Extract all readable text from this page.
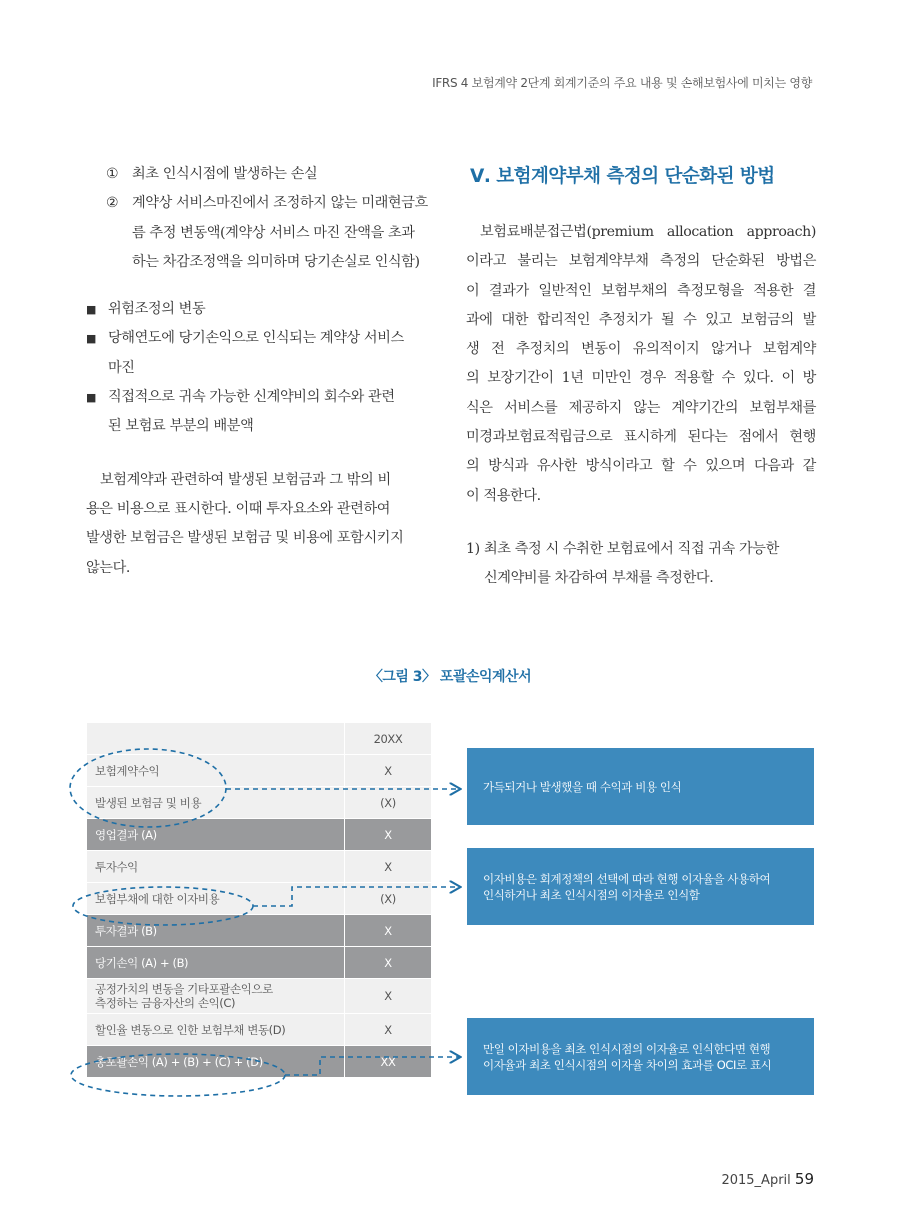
IFRS 4 보험계약 2단계 회계기준의 주요 내용 및 손해보험사에 미치는 영향
① 최초 인식시점에 발생하는 손실
② 계약상 서비스마진에서 조정하지 않는 미래현금흐
름 추정 변동액(계약상 서비스 마진 잔액을 초과
하는 차감조정액을 의미하며 당기손실로 인식함)
■ 위험조정의 변동
■ 당해연도에 당기손익으로 인식되는 계약상 서비스
마진
■ 직접적으로 귀속 가능한 신계약비의 회수와 관련
된 보험료 부분의 배분액
보험계약과 관련하여 발생된 보험금과 그 밖의 비
용은 비용으로 표시한다. 이때 투자요소와 관련하여
발생한 보험금은 발생된 보험금 및 비용에 포함시키지
않는다.
Ⅴ. 보험계약부채 측정의 단순화된 방법
보험료배분접근법(premium allocation approach)
이라고 불리는 보험계약부채 측정의 단순화된 방법은
이 결과가 일반적인 보험부채의 측정모형을 적용한 결
과에 대한 합리적인 추정치가 될 수 있고 보험금의 발
생 전 추정치의 변동이 유의적이지 않거나 보험계약
의 보장기간이 1년 미만인 경우 적용할 수 있다. 이 방
식은 서비스를 제공하지 않는 계약기간의 보험부채를
미경과보험료적립금으로 표시하게 된다는 점에서 현행
의 방식과 유사한 방식이라고 할 수 있으며 다음과 같
이 적용한다.
1) 최초 측정 시 수취한 보험료에서 직접 귀속 가능한
신계약비를 차감하여 부채를 측정한다.
〈그림 3〉 포괄손익계산서
	20XX
보험계약수익	X
발생된 보험금 및 비용	(X)
영업결과 (A)	X
투자수익	X
보험부채에 대한 이자비용	(X)
투자결과 (B)	X
당기손익 (A) + (B)	X
공정가치의 변동을 기타포괄손익으로
측정하는 금융자산의 손익(C)	X
할인율 변동으로 인한 보험부채 변동(D)	X
총포괄손익 (A) + (B) + (C) + (D)	XX
가득되거나 발생했을 때 수익과 비용 인식
이자비용은 회계정책의 선택에 따라 현행 이자율을 사용하여
인식하거나 최초 인식시점의 이자율로 인식함
만일 이자비용을 최초 인식시점의 이자율로 인식한다면 현행
이자율과 최초 인식시점의 이자율 차이의 효과를 OCI로 표시
2015_April 59
